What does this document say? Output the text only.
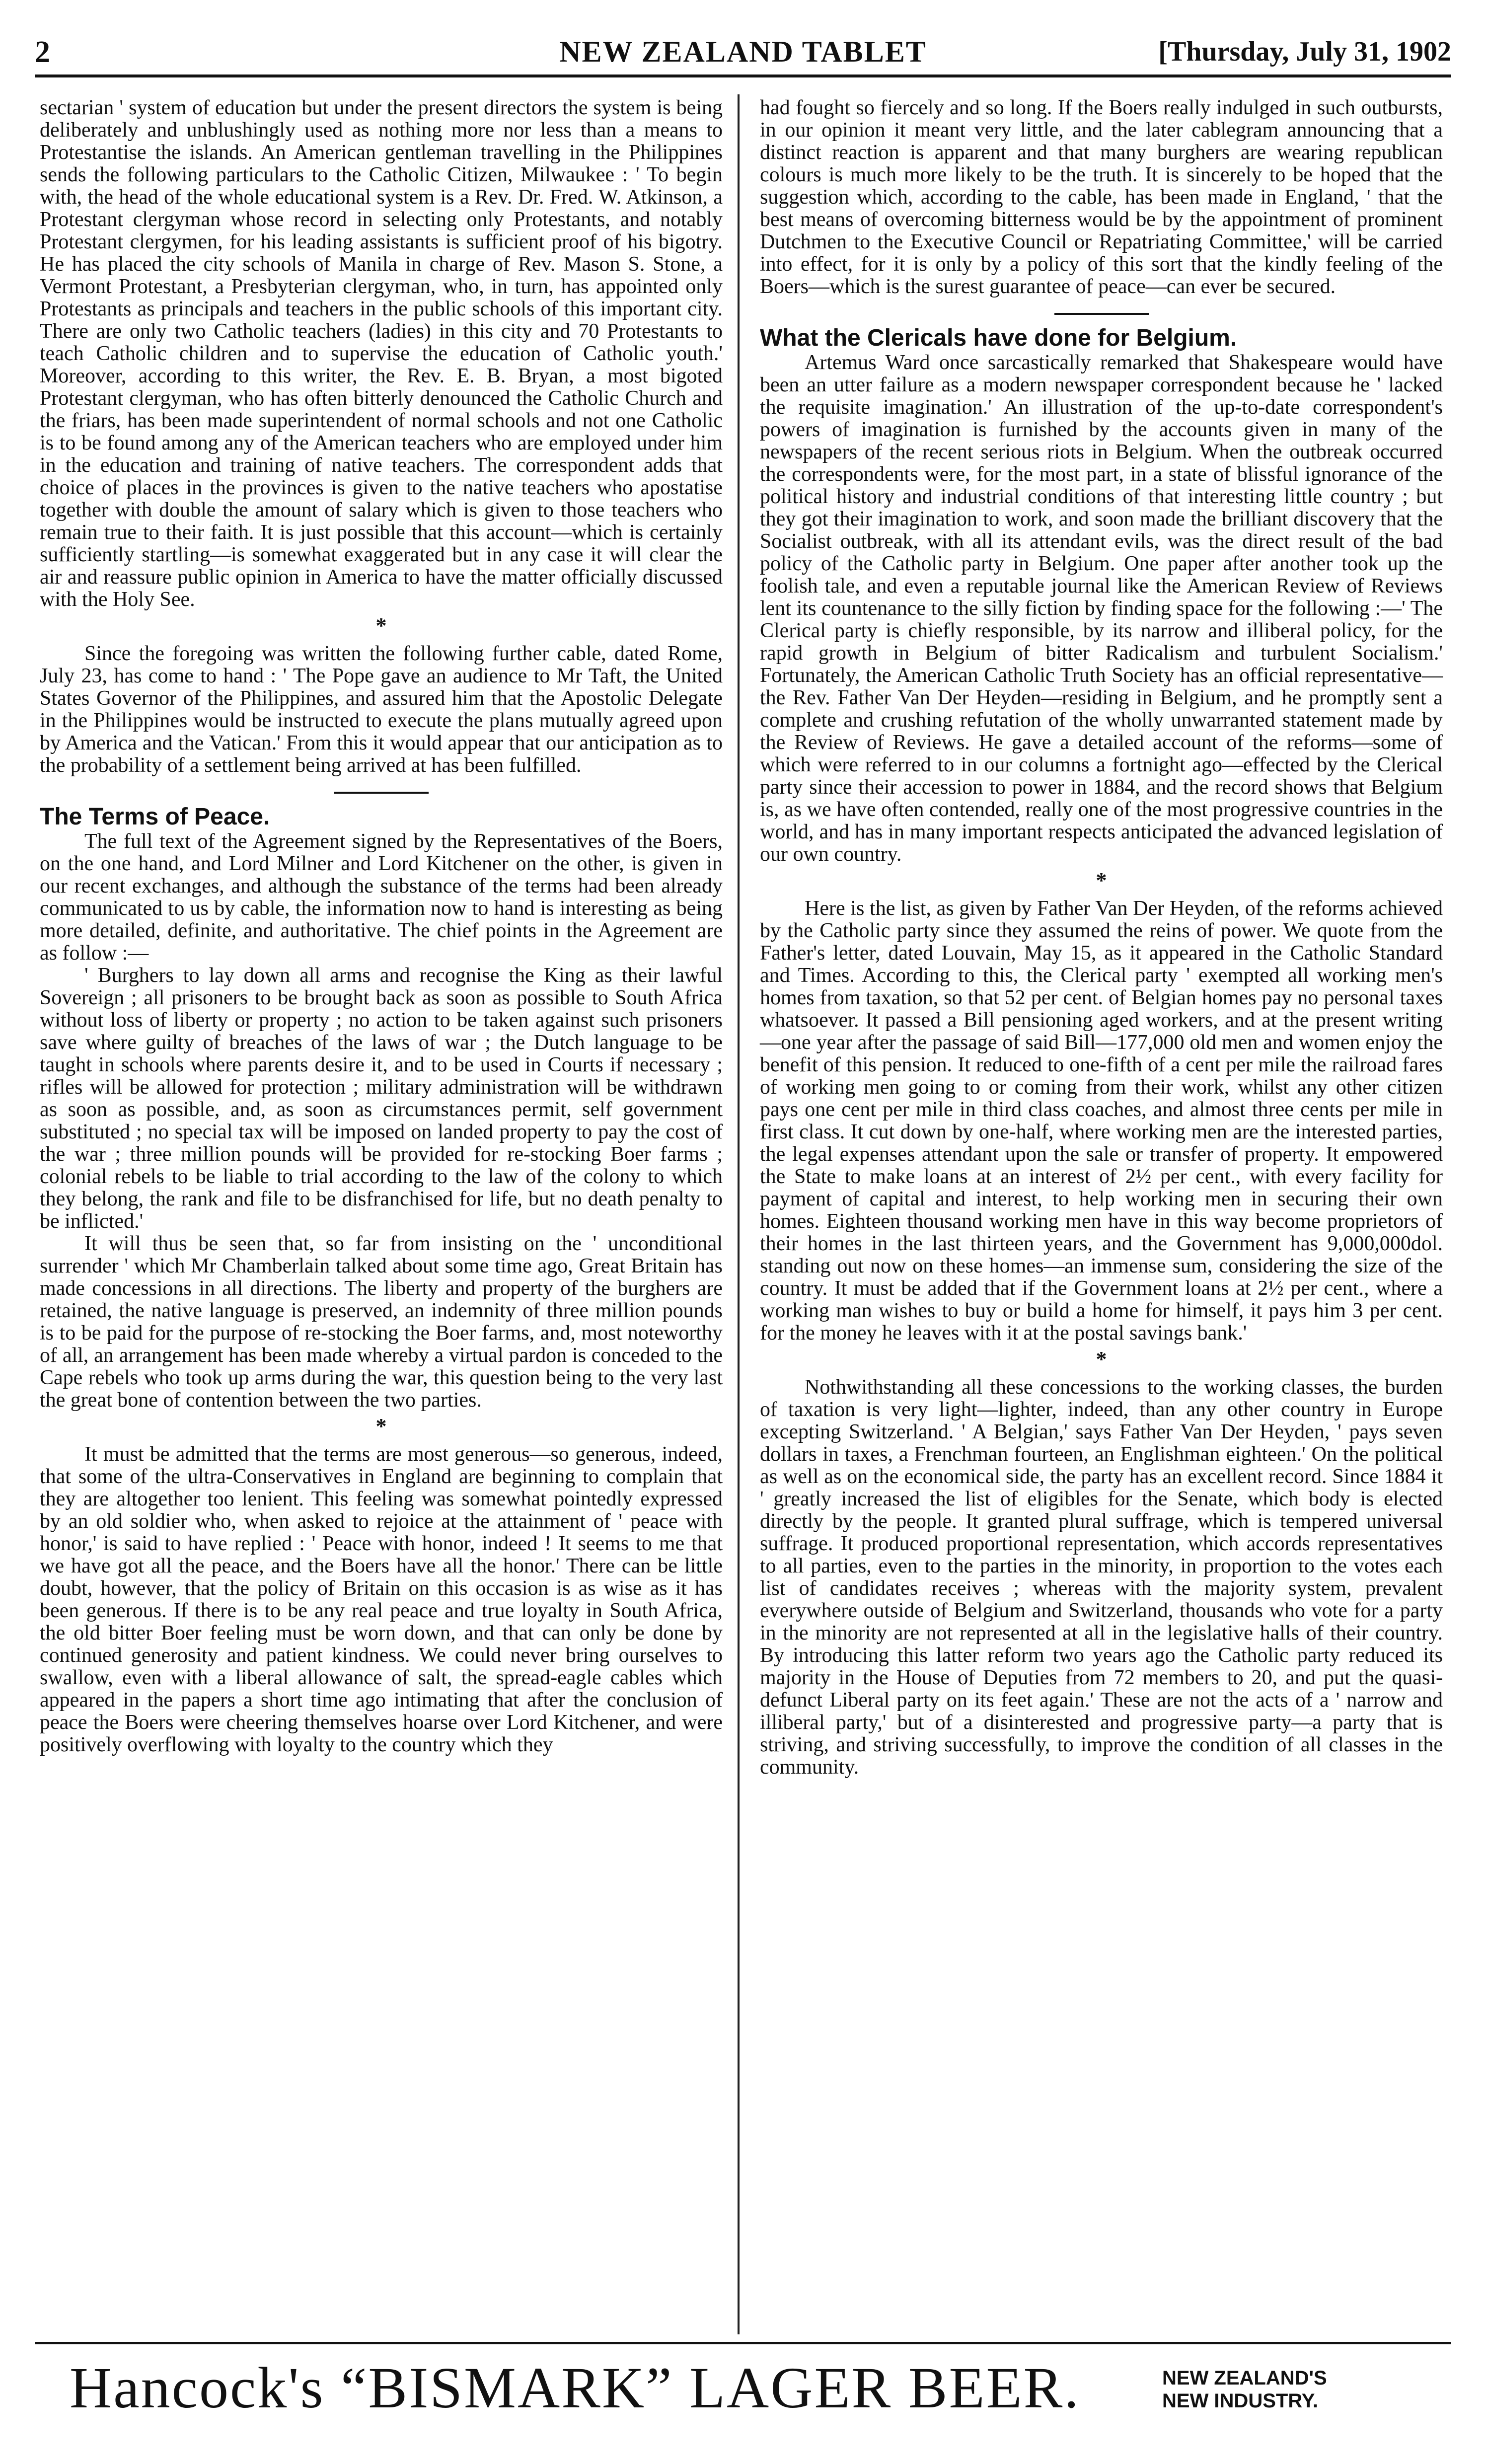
2	NEW ZEALAND TABLET	[Thursday, July 31, 1902

sectarian ' system of education but under the present directors the system is being deliberately and unblushingly used as nothing more nor less than a means to Protestantise the islands. An American gentleman travelling in the Philippines sends the following particulars to the Catholic Citizen, Milwaukee : ' To begin with, the head of the whole educational system is a Rev. Dr. Fred. W. Atkinson, a Protestant clergyman whose record in selecting only Protestants, and notably Protestant clergymen, for his leading assistants is sufficient proof of his bigotry. He has placed the city schools of Manila in charge of Rev. Mason S. Stone, a Vermont Protestant, a Presbyterian clergyman, who, in turn, has appointed only Protestants as principals and teachers in the public schools of this important city. There are only two Catholic teachers (ladies) in this city and 70 Protestants to teach Catholic children and to supervise the education of Catholic youth.' Moreover, according to this writer, the Rev. E. B. Bryan, a most bigoted Protestant clergyman, who has often bitterly denounced the Catholic Church and the friars, has been made superintendent of normal schools and not one Catholic is to be found among any of the American teachers who are employed under him in the education and training of native teachers. The correspondent adds that choice of places in the provinces is given to the native teachers who apostatise together with double the amount of salary which is given to those teachers who remain true to their faith. It is just possible that this account—which is certainly sufficiently startling—is somewhat exaggerated but in any case it will clear the air and reassure public opinion in America to have the matter officially discussed with the Holy See.

*

Since the foregoing was written the following further cable, dated Rome, July 23, has come to hand : ' The Pope gave an audience to Mr Taft, the United States Governor of the Philippines, and assured him that the Apostolic Delegate in the Philippines would be instructed to execute the plans mutually agreed upon by America and the Vatican.' From this it would appear that our anticipation as to the probability of a settlement being arrived at has been fulfilled.

The Terms of Peace.

The full text of the Agreement signed by the Representatives of the Boers, on the one hand, and Lord Milner and Lord Kitchener on the other, is given in our recent exchanges, and although the substance of the terms had been already communicated to us by cable, the information now to hand is interesting as being more detailed, definite, and authoritative. The chief points in the Agreement are as follow :—

' Burghers to lay down all arms and recognise the King as their lawful Sovereign ; all prisoners to be brought back as soon as possible to South Africa without loss of liberty or property ; no action to be taken against such prisoners save where guilty of breaches of the laws of war ; the Dutch language to be taught in schools where parents desire it, and to be used in Courts if necessary ; rifles will be allowed for protection ; military administration will be withdrawn as soon as possible, and, as soon as circumstances permit, self government substituted ; no special tax will be imposed on landed property to pay the cost of the war ; three million pounds will be provided for re-stocking Boer farms ; colonial rebels to be liable to trial according to the law of the colony to which they belong, the rank and file to be disfranchised for life, but no death penalty to be inflicted.'

It will thus be seen that, so far from insisting on the ' unconditional surrender ' which Mr Chamberlain talked about some time ago, Great Britain has made concessions in all directions. The liberty and property of the burghers are retained, the native language is preserved, an indemnity of three million pounds is to be paid for the purpose of re-stocking the Boer farms, and, most noteworthy of all, an arrangement has been made whereby a virtual pardon is conceded to the Cape rebels who took up arms during the war, this question being to the very last the great bone of contention between the two parties.

*

It must be admitted that the terms are most generous—so generous, indeed, that some of the ultra-Conservatives in England are beginning to complain that they are altogether too lenient. This feeling was somewhat pointedly expressed by an old soldier who, when asked to rejoice at the attainment of ' peace with honor,' is said to have replied : ' Peace with honor, indeed ! It seems to me that we have got all the peace, and the Boers have all the honor.' There can be little doubt, however, that the policy of Britain on this occasion is as wise as it has been generous. If there is to be any real peace and true loyalty in South Africa, the old bitter Boer feeling must be worn down, and that can only be done by continued generosity and patient kindness. We could never bring ourselves to swallow, even with a liberal allowance of salt, the spread-eagle cables which appeared in the papers a short time ago intimating that after the conclusion of peace the Boers were cheering themselves hoarse over Lord Kitchener, and were positively overflowing with loyalty to the country which they

had fought so fiercely and so long. If the Boers really indulged in such outbursts, in our opinion it meant very little, and the later cablegram announcing that a distinct reaction is apparent and that many burghers are wearing republican colours is much more likely to be the truth. It is sincerely to be hoped that the suggestion which, according to the cable, has been made in England, ' that the best means of overcoming bitterness would be by the appointment of prominent Dutchmen to the Executive Council or Repatriating Committee,' will be carried into effect, for it is only by a policy of this sort that the kindly feeling of the Boers—which is the surest guarantee of peace—can ever be secured.

What the Clericals have done for Belgium.

Artemus Ward once sarcastically remarked that Shakespeare would have been an utter failure as a modern newspaper correspondent because he ' lacked the requisite imagination.' An illustration of the up-to-date correspondent's powers of imagination is furnished by the accounts given in many of the newspapers of the recent serious riots in Belgium. When the outbreak occurred the correspondents were, for the most part, in a state of blissful ignorance of the political history and industrial conditions of that interesting little country ; but they got their imagination to work, and soon made the brilliant discovery that the Socialist outbreak, with all its attendant evils, was the direct result of the bad policy of the Catholic party in Belgium. One paper after another took up the foolish tale, and even a reputable journal like the American Review of Reviews lent its countenance to the silly fiction by finding space for the following :—' The Clerical party is chiefly responsible, by its narrow and illiberal policy, for the rapid growth in Belgium of bitter Radicalism and turbulent Socialism.' Fortunately, the American Catholic Truth Society has an official representative—the Rev. Father Van Der Heyden—residing in Belgium, and he promptly sent a complete and crushing refutation of the wholly unwarranted statement made by the Review of Reviews. He gave a detailed account of the reforms—some of which were referred to in our columns a fortnight ago—effected by the Clerical party since their accession to power in 1884, and the record shows that Belgium is, as we have often contended, really one of the most progressive countries in the world, and has in many important respects anticipated the advanced legislation of our own country.

*

Here is the list, as given by Father Van Der Heyden, of the reforms achieved by the Catholic party since they assumed the reins of power. We quote from the Father's letter, dated Louvain, May 15, as it appeared in the Catholic Standard and Times. According to this, the Clerical party ' exempted all working men's homes from taxation, so that 52 per cent. of Belgian homes pay no personal taxes whatsoever. It passed a Bill pensioning aged workers, and at the present writing—one year after the passage of said Bill—177,000 old men and women enjoy the benefit of this pension. It reduced to one-fifth of a cent per mile the railroad fares of working men going to or coming from their work, whilst any other citizen pays one cent per mile in third class coaches, and almost three cents per mile in first class. It cut down by one-half, where working men are the interested parties, the legal expenses attendant upon the sale or transfer of property. It empowered the State to make loans at an interest of 2½ per cent., with every facility for payment of capital and interest, to help working men in securing their own homes. Eighteen thousand working men have in this way become proprietors of their homes in the last thirteen years, and the Government has 9,000,000dol. standing out now on these homes—an immense sum, considering the size of the country. It must be added that if the Government loans at 2½ per cent., where a working man wishes to buy or build a home for himself, it pays him 3 per cent. for the money he leaves with it at the postal savings bank.'

*

Nothwithstanding all these concessions to the working classes, the burden of taxation is very light—lighter, indeed, than any other country in Europe excepting Switzerland. ' A Belgian,' says Father Van Der Heyden, ' pays seven dollars in taxes, a Frenchman fourteen, an Englishman eighteen.' On the political as well as on the economical side, the party has an excellent record. Since 1884 it ' greatly increased the list of eligibles for the Senate, which body is elected directly by the people. It granted plural suffrage, which is tempered universal suffrage. It produced proportional representation, which accords representatives to all parties, even to the parties in the minority, in proportion to the votes each list of candidates receives ; whereas with the majority system, prevalent everywhere outside of Belgium and Switzerland, thousands who vote for a party in the minority are not represented at all in the legislative halls of their country. By introducing this latter reform two years ago the Catholic party reduced its majority in the House of Deputies from 72 members to 20, and put the quasi-defunct Liberal party on its feet again.' These are not the acts of a ' narrow and illiberal party,' but of a disinterested and progressive party—a party that is striving, and striving successfully, to improve the condition of all classes in the community.

Hancock's “BISMARK” LAGER BEER.	NEW ZEALAND'S
NEW INDUSTRY.
